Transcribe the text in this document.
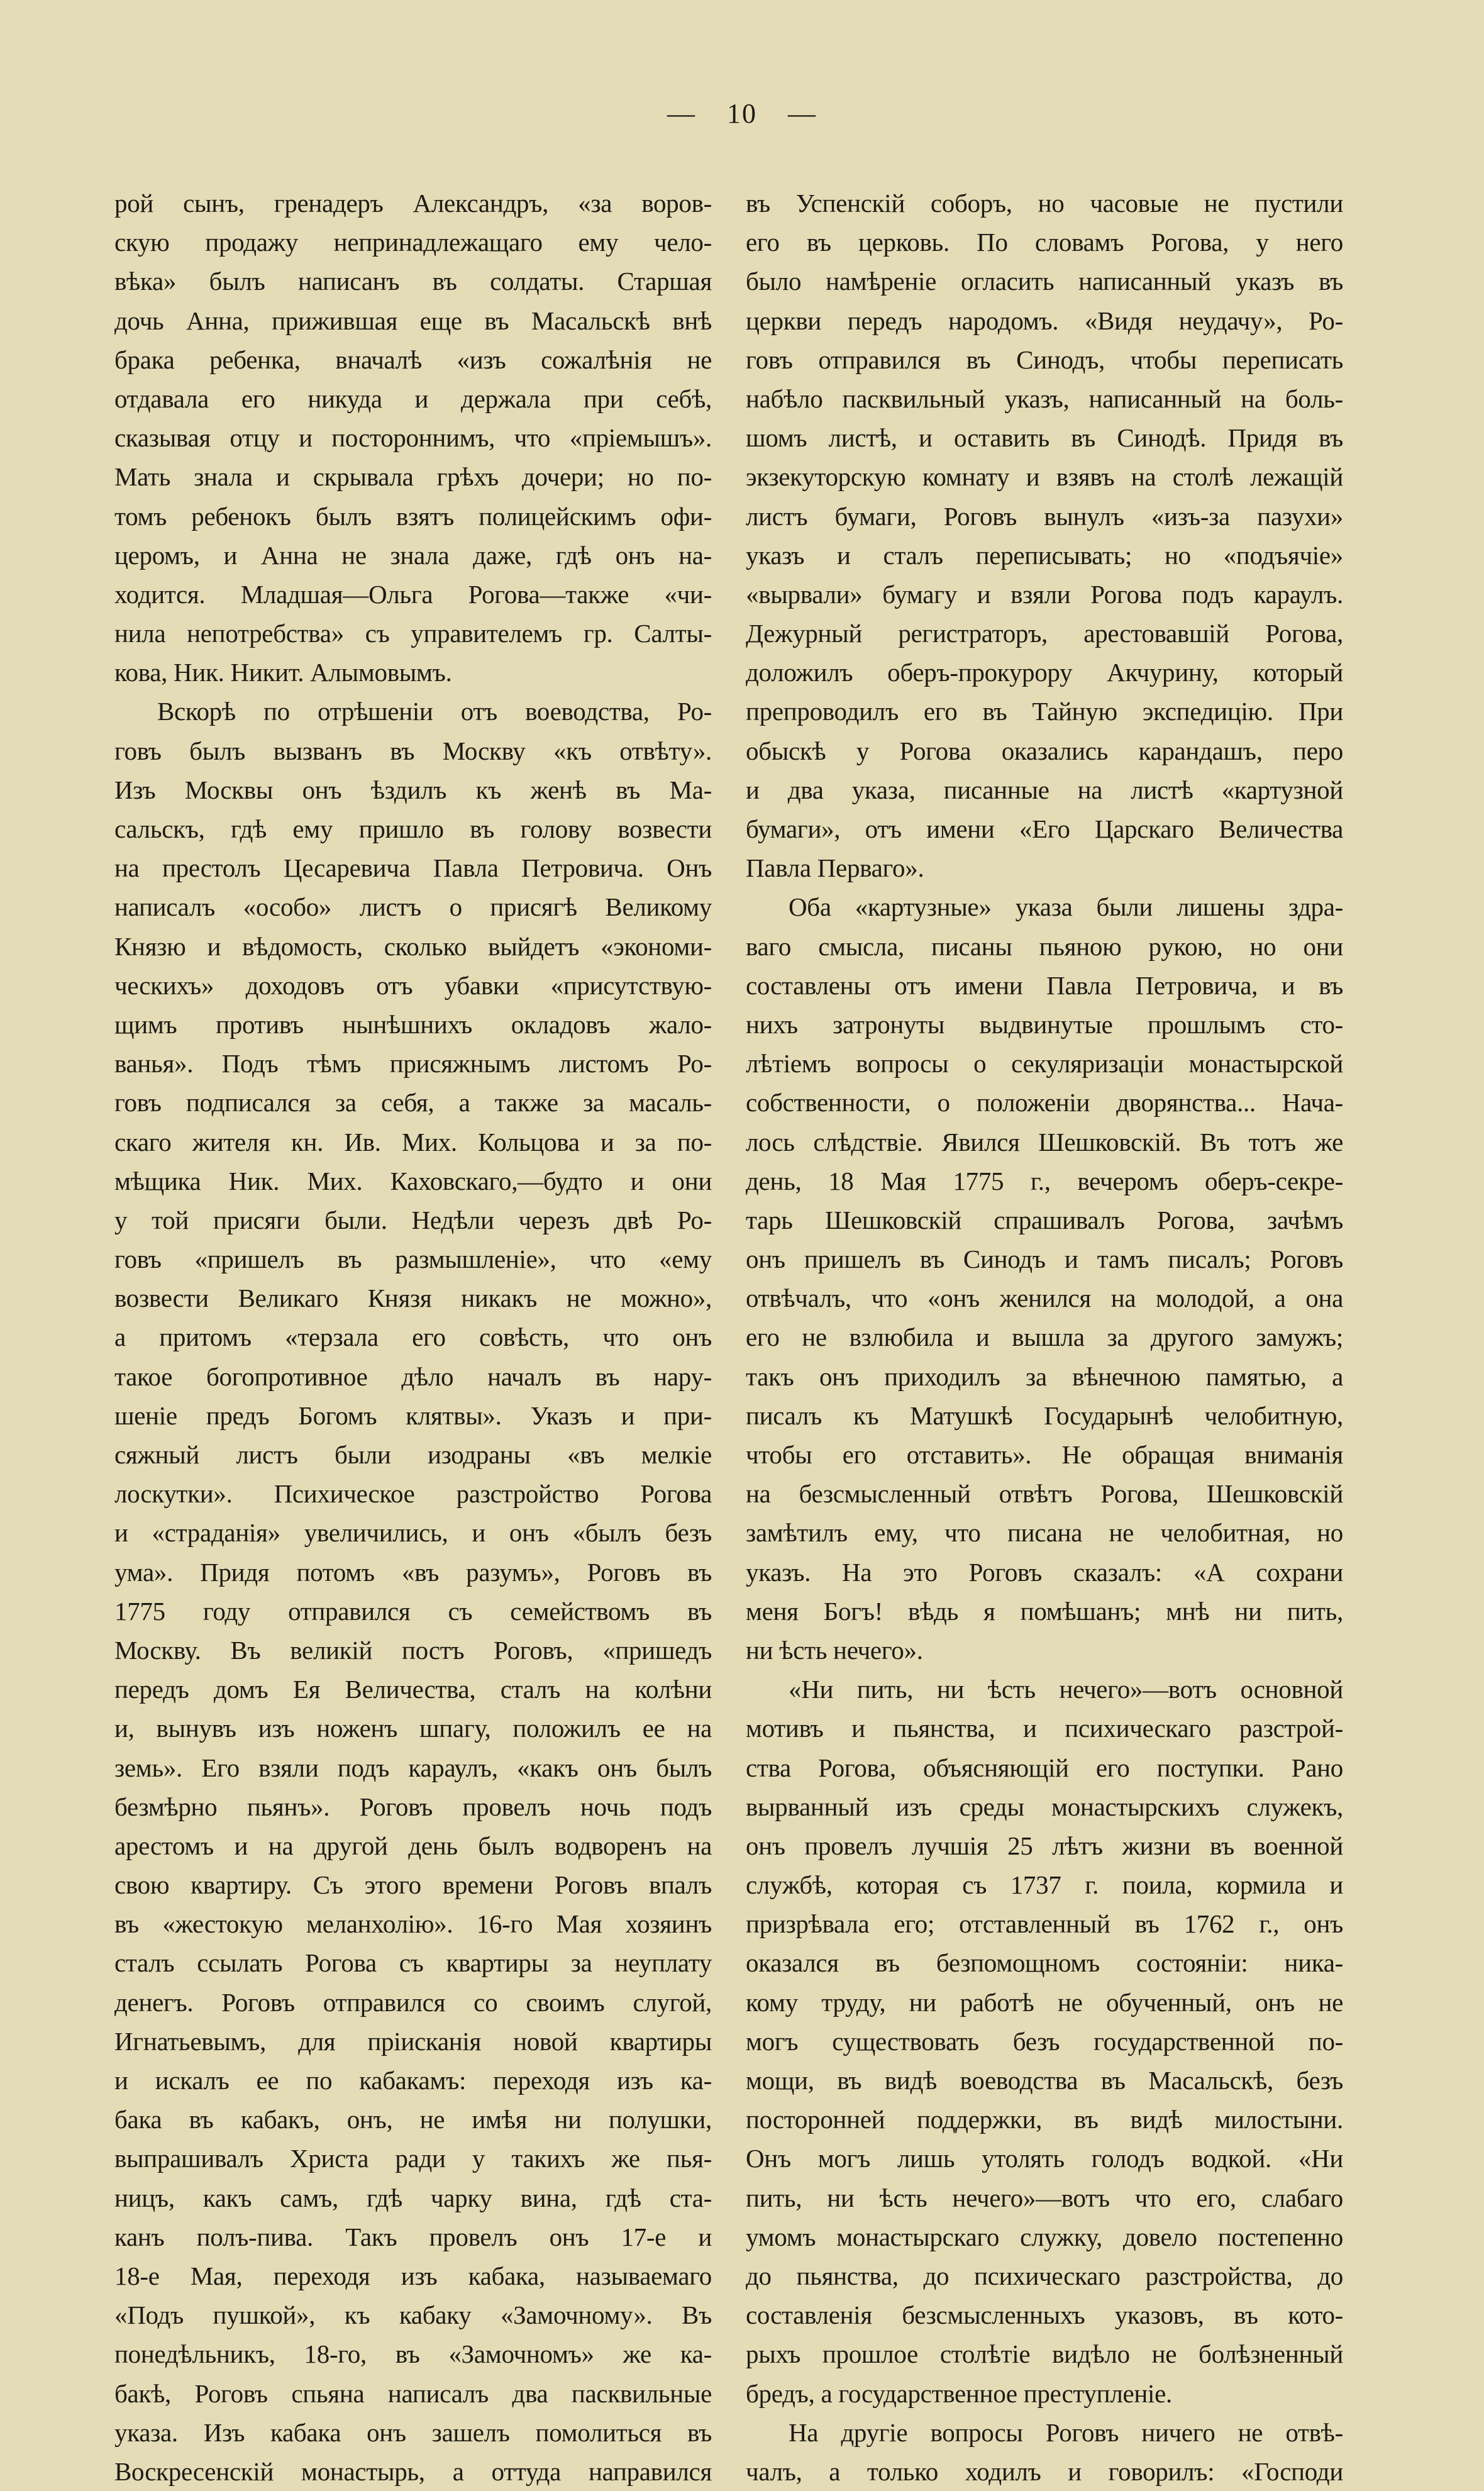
— 10 —
рой сынъ, гренадеръ Александръ, «за воров-
скую продажу непринадлежащаго ему чело-
вѣка» былъ написанъ въ солдаты. Старшая
дочь Анна, прижившая еще въ Масальскѣ внѣ
брака ребенка, вначалѣ «изъ сожалѣнія не
отдавала его никуда и держала при себѣ,
сказывая отцу и постороннимъ, что «пріемышъ».
Мать знала и скрывала грѣхъ дочери; но по-
томъ ребенокъ былъ взятъ полицейскимъ офи-
церомъ, и Анна не знала даже, гдѣ онъ на-
ходится. Младшая—Ольга Рогова—также «чи-
нила непотребства» съ управителемъ гр. Салты-
кова, Ник. Никит. Алымовымъ.
Вскорѣ по отрѣшеніи отъ воеводства, Ро-
говъ былъ вызванъ въ Москву «къ отвѣту».
Изъ Москвы онъ ѣздилъ къ женѣ въ Ма-
сальскъ, гдѣ ему пришло въ голову возвести
на престолъ Цесаревича Павла Петровича. Онъ
написалъ «особо» листъ о присягѣ Великому
Князю и вѣдомость, сколько выйдетъ «экономи-
ческихъ» доходовъ отъ убавки «присутствую-
щимъ противъ нынѣшнихъ окладовъ жало-
ванья». Подъ тѣмъ присяжнымъ листомъ Ро-
говъ подписался за себя, а также за масаль-
скаго жителя кн. Ив. Мих. Кольцова и за по-
мѣщика Ник. Мих. Каховскаго,—будто и они
у той присяги были. Недѣли черезъ двѣ Ро-
говъ «пришелъ въ размышленіе», что «ему
возвести Великаго Князя никакъ не можно»,
а притомъ «терзала его совѣсть, что онъ
такое богопротивное дѣло началъ въ нару-
шеніе предъ Богомъ клятвы». Указъ и при-
сяжный листъ были изодраны «въ мелкіе
лоскутки». Психическое разстройство Рогова
и «страданія» увеличились, и онъ «былъ безъ
ума». Придя потомъ «въ разумъ», Роговъ въ
1775 году отправился съ семействомъ въ
Москву. Въ великій постъ Роговъ, «пришедъ
передъ домъ Ея Величества, сталъ на колѣни
и, вынувъ изъ ноженъ шпагу, положилъ ее на
земь». Его взяли подъ караулъ, «какъ онъ былъ
безмѣрно пьянъ». Роговъ провелъ ночь подъ
арестомъ и на другой день былъ водворенъ на
свою квартиру. Съ этого времени Роговъ впалъ
въ «жестокую меланхолію». 16-го Мая хозяинъ
сталъ ссылать Рогова съ квартиры за неуплату
денегъ. Роговъ отправился со своимъ слугой,
Игнатьевымъ, для пріисканія новой квартиры
и искалъ ее по кабакамъ: переходя изъ ка-
бака въ кабакъ, онъ, не имѣя ни полушки,
выпрашивалъ Христа ради у такихъ же пья-
ницъ, какъ самъ, гдѣ чарку вина, гдѣ ста-
канъ полъ-пива. Такъ провелъ онъ 17-е и
18-е Мая, переходя изъ кабака, называемаго
«Подъ пушкой», къ кабаку «Замочному». Въ
понедѣльникъ, 18-го, въ «Замочномъ» же ка-
бакѣ, Роговъ спьяна написалъ два пасквильные
указа. Изъ кабака онъ зашелъ помолиться въ
Воскресенскій монастырь, а оттуда направился
въ Успенскій соборъ, но часовые не пустили
его въ церковь. По словамъ Рогова, у него
было намѣреніе огласить написанный указъ въ
церкви передъ народомъ. «Видя неудачу», Ро-
говъ отправился въ Синодъ, чтобы переписать
набѣло пасквильный указъ, написанный на боль-
шомъ листѣ, и оставить въ Синодѣ. Придя въ
экзекуторскую комнату и взявъ на столѣ лежащій
листъ бумаги, Роговъ вынулъ «изъ-за пазухи»
указъ и сталъ переписывать; но «подъячіе»
«вырвали» бумагу и взяли Рогова подъ караулъ.
Дежурный регистраторъ, арестовавшій Рогова,
доложилъ оберъ-прокурору Акчурину, который
препроводилъ его въ Тайную экспедицію. При
обыскѣ у Рогова оказались карандашъ, перо
и два указа, писанные на листѣ «картузной
бумаги», отъ имени «Его Царскаго Величества
Павла Перваго».
Оба «картузные» указа были лишены здра-
ваго смысла, писаны пьяною рукою, но они
составлены отъ имени Павла Петровича, и въ
нихъ затронуты выдвинутые прошлымъ сто-
лѣтіемъ вопросы о секуляризаціи монастырской
собственности, о положеніи дворянства... Нача-
лось слѣдствіе. Явился Шешковскій. Въ тотъ же
день, 18 Мая 1775 г., вечеромъ оберъ-секре-
тарь Шешковскій спрашивалъ Рогова, зачѣмъ
онъ пришелъ въ Синодъ и тамъ писалъ; Роговъ
отвѣчалъ, что «онъ женился на молодой, а она
его не взлюбила и вышла за другого замужъ;
такъ онъ приходилъ за вѣнечною памятью, а
писалъ къ Матушкѣ Государынѣ челобитную,
чтобы его отставить». Не обращая вниманія
на безсмысленный отвѣтъ Рогова, Шешковскій
замѣтилъ ему, что писана не челобитная, но
указъ. На это Роговъ сказалъ: «А сохрани
меня Богъ! вѣдь я помѣшанъ; мнѣ ни пить,
ни ѣсть нечего».
«Ни пить, ни ѣсть нечего»—вотъ основной
мотивъ и пьянства, и психическаго разстрой-
ства Рогова, объясняющій его поступки. Рано
вырванный изъ среды монастырскихъ служекъ,
онъ провелъ лучшія 25 лѣтъ жизни въ военной
службѣ, которая съ 1737 г. поила, кормила и
призрѣвала его; отставленный въ 1762 г., онъ
оказался въ безпомощномъ состояніи: ника-
кому труду, ни работѣ не обученный, онъ не
могъ существовать безъ государственной по-
мощи, въ видѣ воеводства въ Масальскѣ, безъ
посторонней поддержки, въ видѣ милостыни.
Онъ могъ лишь утолять голодъ водкой. «Ни
пить, ни ѣсть нечего»—вотъ что его, слабаго
умомъ монастырскаго служку, довело постепенно
до пьянства, до психическаго разстройства, до
составленія безсмысленныхъ указовъ, въ кото-
рыхъ прошлое столѣтіе видѣло не болѣзненный
бредъ, а государственное преступленіе.
На другіе вопросы Роговъ ничего не отвѣ-
чалъ, а только ходилъ и говорилъ: «Господи
